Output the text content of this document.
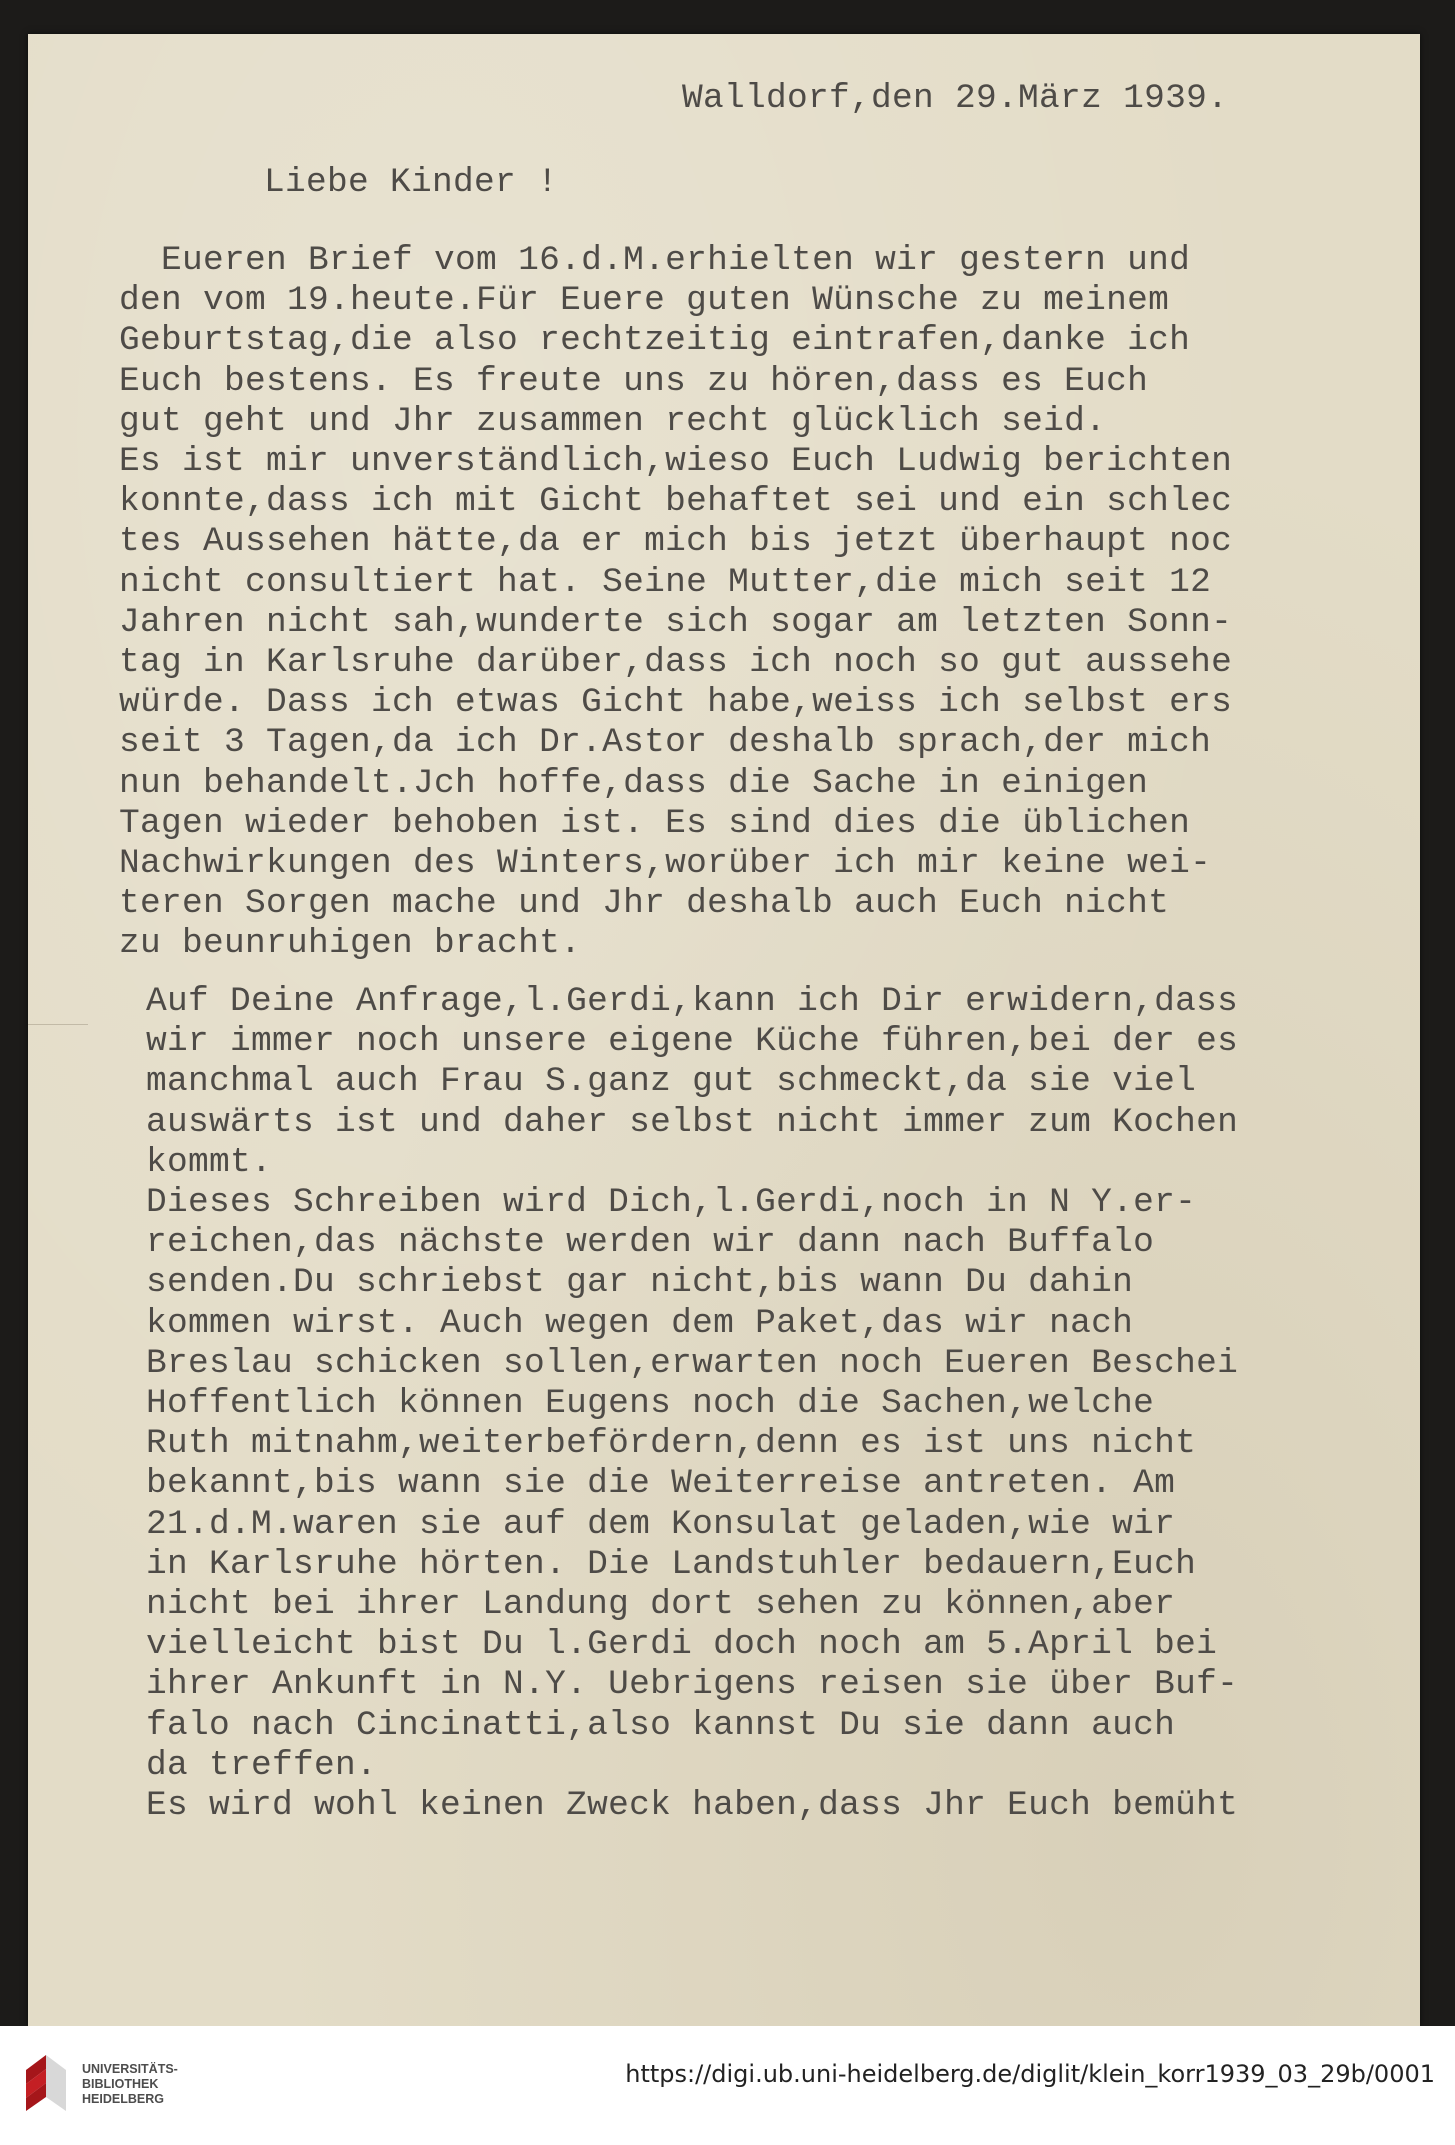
Walldorf,den 29.März 1939.
Liebe Kinder !
Eueren Brief vom 16.d.M.erhielten wir gestern und
den vom 19.heute.Für Euere guten Wünsche zu meinem
Geburtstag,die also rechtzeitig eintrafen,danke ich
Euch bestens. Es freute uns zu hören,dass es Euch
gut geht und Jhr zusammen recht glücklich seid.
Es ist mir unverständlich,wieso Euch Ludwig berichten
konnte,dass ich mit Gicht behaftet sei und ein schlec
tes Aussehen hätte,da er mich bis jetzt überhaupt noc
nicht consultiert hat. Seine Mutter,die mich seit 12
Jahren nicht sah,wunderte sich sogar am letzten Sonn-
tag in Karlsruhe darüber,dass ich noch so gut aussehe
würde. Dass ich etwas Gicht habe,weiss ich selbst ers
seit 3 Tagen,da ich Dr.Astor deshalb sprach,der mich
nun behandelt.Jch hoffe,dass die Sache in einigen
Tagen wieder behoben ist. Es sind dies die üblichen
Nachwirkungen des Winters,worüber ich mir keine wei-
teren Sorgen mache und Jhr deshalb auch Euch nicht
zu beunruhigen bracht.
Auf Deine Anfrage,l.Gerdi,kann ich Dir erwidern,dass
wir immer noch unsere eigene Küche führen,bei der es
manchmal auch Frau S.ganz gut schmeckt,da sie viel
auswärts ist und daher selbst nicht immer zum Kochen
kommt.
Dieses Schreiben wird Dich,l.Gerdi,noch in N Y.er-
reichen,das nächste werden wir dann nach Buffalo
senden.Du schriebst gar nicht,bis wann Du dahin
kommen wirst. Auch wegen dem Paket,das wir nach
Breslau schicken sollen,erwarten noch Eueren Beschei
Hoffentlich können Eugens noch die Sachen,welche
Ruth mitnahm,weiterbefördern,denn es ist uns nicht
bekannt,bis wann sie die Weiterreise antreten. Am
21.d.M.waren sie auf dem Konsulat geladen,wie wir
in Karlsruhe hörten. Die Landstuhler bedauern,Euch
nicht bei ihrer Landung dort sehen zu können,aber
vielleicht bist Du l.Gerdi doch noch am 5.April bei
ihrer Ankunft in N.Y. Uebrigens reisen sie über Buf-
falo nach Cincinatti,also kannst Du sie dann auch
da treffen.
Es wird wohl keinen Zweck haben,dass Jhr Euch bemüht
UNIVERSITÄTS-
BIBLIOTHEK
HEIDELBERG
https://digi.ub.uni-heidelberg.de/diglit/klein_korr1939_03_29b/0001
